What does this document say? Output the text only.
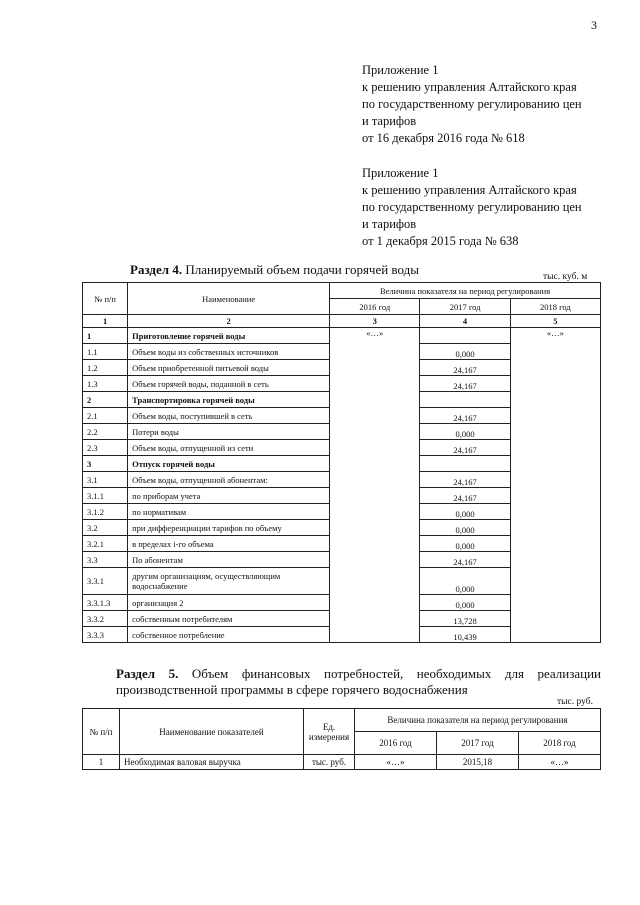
3
Приложение 1
к решению управления Алтайского края
по государственному регулированию цен
и тарифов
от 16 декабря 2016 года № 618
Приложение 1
к решению управления Алтайского края
по государственному регулированию цен
и тарифов
от 1 декабря 2015 года № 638
Раздел 4. Планируемый объем подачи горячей воды	тыс. куб. м
№ п/п	Наименование	Величина показателя на период регулирования		
		2016 год	2017 год	2018 год
1	2	3	4	5
1	Приготовление горячей воды	«…»		«…»
1.1	Объем воды из собственных источников		0,000	
1.2	Объем приобретенной питьевой воды		24,167	
1.3	Объем горячей воды, поданной в сеть		24,167	
2	Транспортировка горячей воды			
2.1	Объем воды, поступившей в сеть		24,167	
2.2	Потери воды		0,000	
2.3	Объем воды, отпущенной из сети		24,167	
3	Отпуск горячей воды			
3.1	Объем воды, отпущенной абонентам:		24,167	
3.1.1	по приборам учета		24,167	
3.1.2	по нормативам		0,000	
3.2	при дифференциации тарифов по объему		0,000	
3.2.1	в пределах i-го объема		0,000	
3.3	По абонентам		24,167	
3.3.1	другим организациям, осуществляющим водоснабжение		0,000	
3.3.1.3	организация 2		0,000	
3.3.2	собственным потребителям		13,728	
3.3.3	собственное потребление		10,439	
Раздел 5. Объем финансовых потребностей, необходимых для реализации производственной программы в сфере горячего водоснабжения
тыс. руб.
№ п/п	Наименование показателей	Ед. измерения	Величина показателя на период регулирования		
			2016 год	2017 год	2018 год
1	Необходимая валовая выручка	тыс. руб.	«…»	2015,18	«…»
